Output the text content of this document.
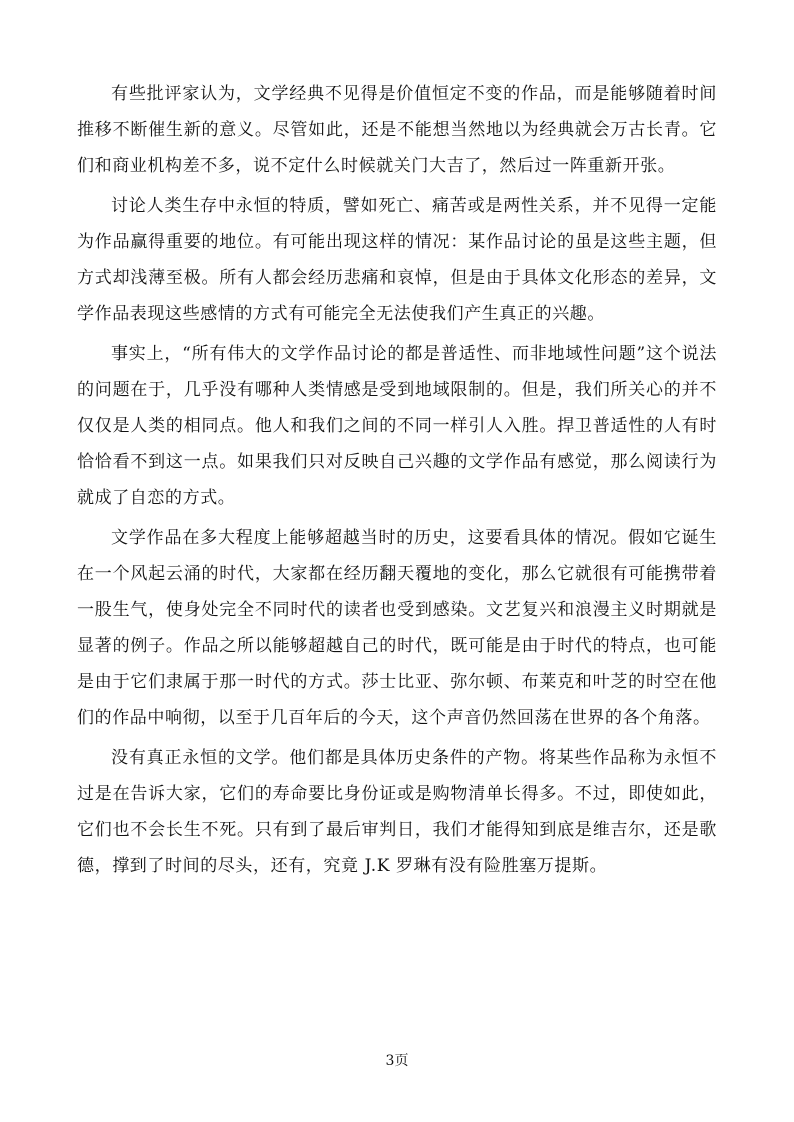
有些批评家认为，文学经典不见得是价值恒定不变的作品，而是能够随着时间推移不断催生新的意义。尽管如此，还是不能想当然地以为经典就会万古长青。它们和商业机构差不多，说不定什么时候就关门大吉了，然后过一阵重新开张。

讨论人类生存中永恒的特质，譬如死亡、痛苦或是两性关系，并不见得一定能为作品赢得重要的地位。有可能出现这样的情况：某作品讨论的虽是这些主题，但方式却浅薄至极。所有人都会经历悲痛和哀悼，但是由于具体文化形态的差异，文学作品表现这些感情的方式有可能完全无法使我们产生真正的兴趣。

事实上，“所有伟大的文学作品讨论的都是普适性、而非地域性问题”这个说法的问题在于，几乎没有哪种人类情感是受到地域限制的。但是，我们所关心的并不仅仅是人类的相同点。他人和我们之间的不同一样引人入胜。捍卫普适性的人有时恰恰看不到这一点。如果我们只对反映自己兴趣的文学作品有感觉，那么阅读行为就成了自恋的方式。

文学作品在多大程度上能够超越当时的历史，这要看具体的情况。假如它诞生在一个风起云涌的时代，大家都在经历翻天覆地的变化，那么它就很有可能携带着一股生气，使身处完全不同时代的读者也受到感染。文艺复兴和浪漫主义时期就是显著的例子。作品之所以能够超越自己的时代，既可能是由于时代的特点，也可能是由于它们隶属于那一时代的方式。莎士比亚、弥尔顿、布莱克和叶芝的时空在他们的作品中响彻，以至于几百年后的今天，这个声音仍然回荡在世界的各个角落。

没有真正永恒的文学。他们都是具体历史条件的产物。将某些作品称为永恒不过是在告诉大家，它们的寿命要比身份证或是购物清单长得多。不过，即使如此，它们也不会长生不死。只有到了最后审判日，我们才能得知到底是维吉尔，还是歌德，撑到了时间的尽头，还有，究竟 J.K 罗琳有没有险胜塞万提斯。

3页
